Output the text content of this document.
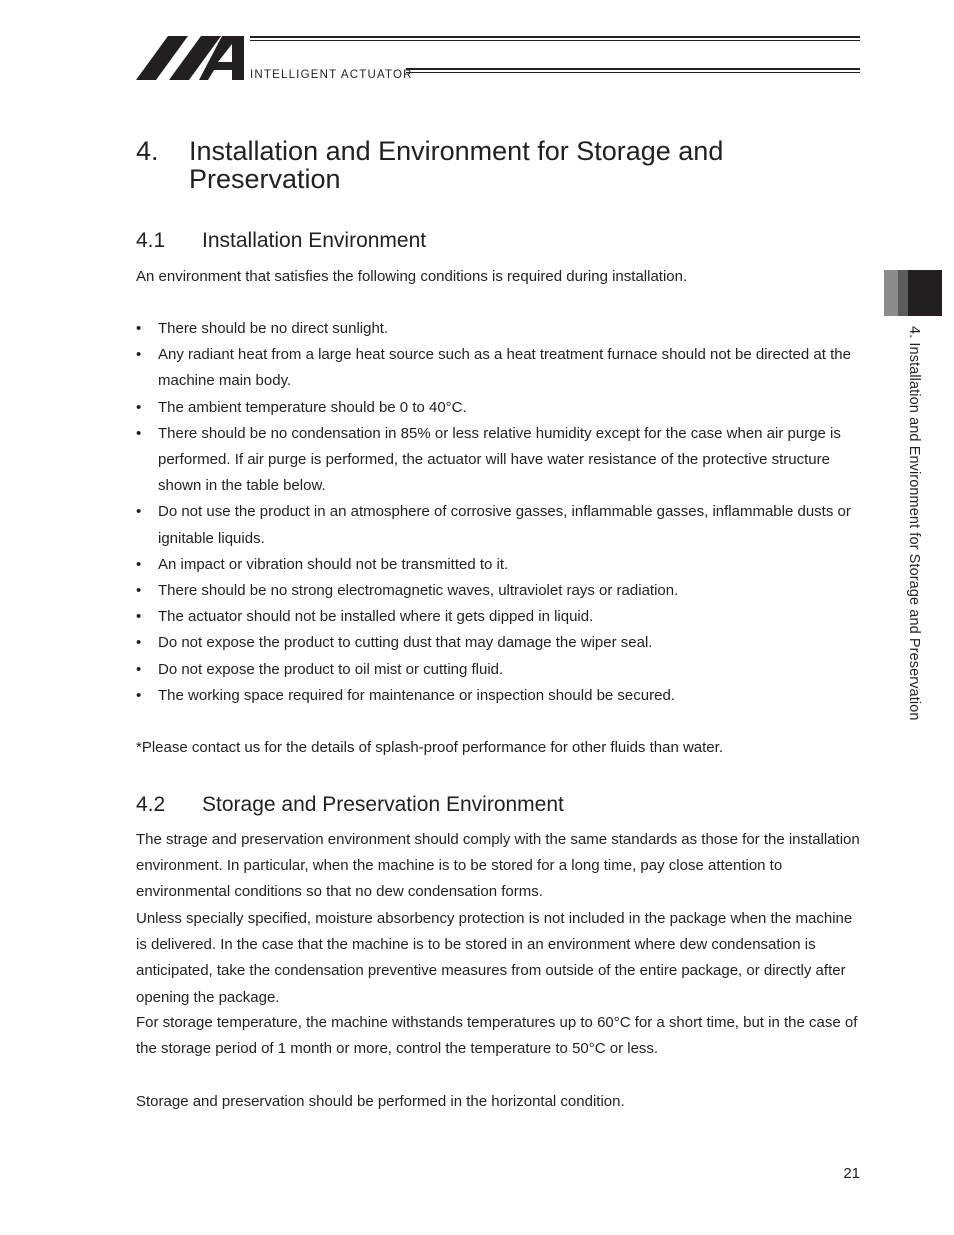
INTELLIGENT ACTUATOR
4. Installation and Environment for Storage and Preservation
4.1 Installation Environment

An environment that satisfies the following conditions is required during installation.

• There should be no direct sunlight.
• Any radiant heat from a large heat source such as a heat treatment furnace should not be directed at the machine main body.
• The ambient temperature should be 0 to 40°C.
• There should be no condensation in 85% or less relative humidity except for the case when air purge is performed. If air purge is performed, the actuator will have water resistance of the protective structure shown in the table below.
• Do not use the product in an atmosphere of corrosive gasses, inflammable gasses, inflammable dusts or ignitable liquids.
• An impact or vibration should not be transmitted to it.
• There should be no strong electromagnetic waves, ultraviolet rays or radiation.
• The actuator should not be installed where it gets dipped in liquid.
• Do not expose the product to cutting dust that may damage the wiper seal.
• Do not expose the product to oil mist or cutting fluid.
• The working space required for maintenance or inspection should be secured.

*Please contact us for the details of splash-proof performance for other fluids than water.

4.2 Storage and Preservation Environment

The strage and preservation environment should comply with the same standards as those for the installation environment. In particular, when the machine is to be stored for a long time, pay close attention to environmental conditions so that no dew condensation forms.

Unless specially specified, moisture absorbency protection is not included in the package when the machine is delivered. In the case that the machine is to be stored in an environment where dew condensation is anticipated, take the condensation preventive measures from outside of the entire package, or directly after opening the package.

For storage temperature, the machine withstands temperatures up to 60°C for a short time, but in the case of the storage period of 1 month or more, control the temperature to 50°C or less.

Storage and preservation should be performed in the horizontal condition.

4. Installation and Environment for Storage and Preservation
21
